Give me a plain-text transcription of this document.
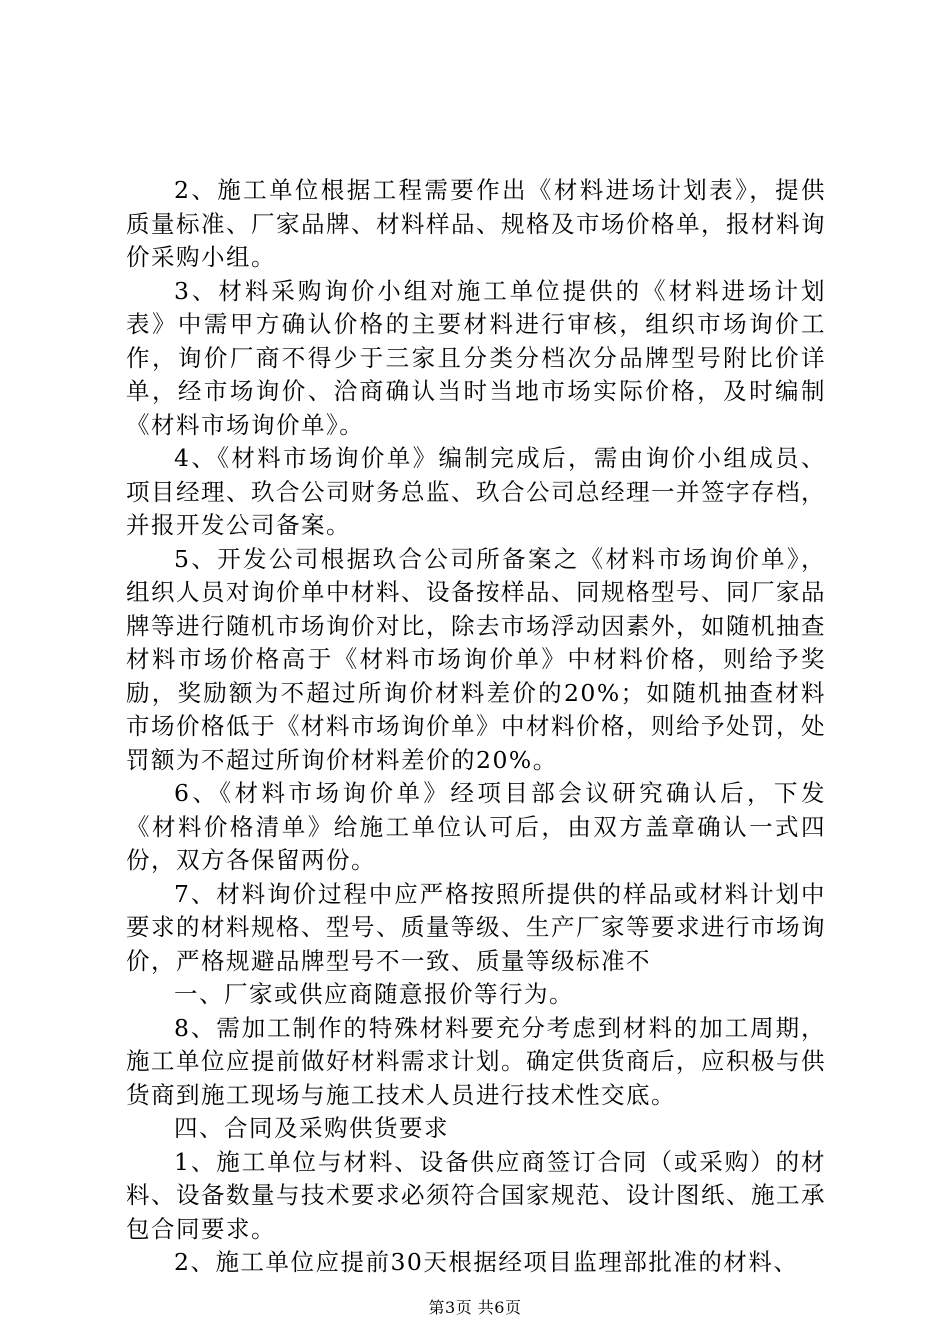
2、施工单位根据工程需要作出《材料进场计划表》，提供质量标准、厂家品牌、材料样品、规格及市场价格单，报材料询价采购小组。

3、材料采购询价小组对施工单位提供的《材料进场计划表》中需甲方确认价格的主要材料进行审核，组织市场询价工作，询价厂商不得少于三家且分类分档次分品牌型号附比价详单，经市场询价、洽商确认当时当地市场实际价格，及时编制《材料市场询价单》。

4、《材料市场询价单》编制完成后，需由询价小组成员、项目经理、玖合公司财务总监、玖合公司总经理一并签字存档，并报开发公司备案。

5、开发公司根据玖合公司所备案之《材料市场询价单》，组织人员对询价单中材料、设备按样品、同规格型号、同厂家品牌等进行随机市场询价对比，除去市场浮动因素外，如随机抽查材料市场价格高于《材料市场询价单》中材料价格，则给予奖励，奖励额为不超过所询价材料差价的20%；如随机抽查材料市场价格低于《材料市场询价单》中材料价格，则给予处罚，处罚额为不超过所询价材料差价的20%。

6、《材料市场询价单》经项目部会议研究确认后，下发《材料价格清单》给施工单位认可后，由双方盖章确认一式四份，双方各保留两份。

7、材料询价过程中应严格按照所提供的样品或材料计划中要求的材料规格、型号、质量等级、生产厂家等要求进行市场询价，严格规避品牌型号不一致、质量等级标准不

一、厂家或供应商随意报价等行为。

8、需加工制作的特殊材料要充分考虑到材料的加工周期，施工单位应提前做好材料需求计划。确定供货商后，应积极与供货商到施工现场与施工技术人员进行技术性交底。

四、合同及采购供货要求

1、施工单位与材料、设备供应商签订合同（或采购）的材料、设备数量与技术要求必须符合国家规范、设计图纸、施工承包合同要求。

2、施工单位应提前30天根据经项目监理部批准的材料、

第3页 共6页
